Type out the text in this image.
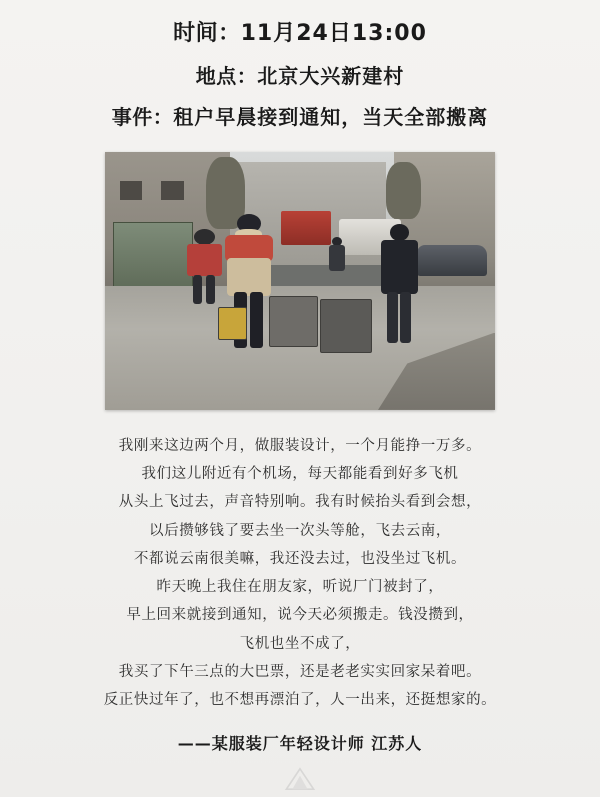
时间：11月24日13:00
地点：北京大兴新建村
事件：租户早晨接到通知，当天全部搬离

我刚来这边两个月，做服装设计，一个月能挣一万多。

我们这儿附近有个机场，每天都能看到好多飞机

从头上飞过去，声音特别响。我有时候抬头看到会想，

以后攒够钱了要去坐一次头等舱，飞去云南，

不都说云南很美嘛，我还没去过，也没坐过飞机。

昨天晚上我住在朋友家，听说厂门被封了，

早上回来就接到通知，说今天必须搬走。钱没攒到，

飞机也坐不成了，

我买了下午三点的大巴票，还是老老实实回家呆着吧。

反正快过年了，也不想再漂泊了，人一出来，还挺想家的。

——某服装厂年轻设计师 江苏人
